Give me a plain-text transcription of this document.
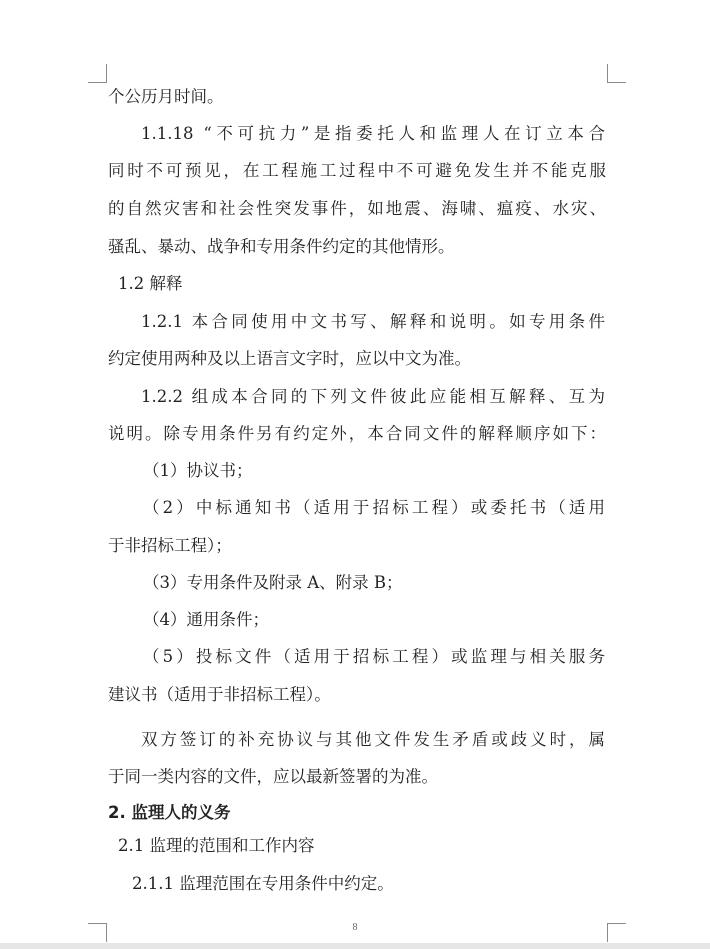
个公历月时间。
1.1.18 “不可抗力”是指委托人和监理人在订立本合
同时不可预见，在工程施工过程中不可避免发生并不能克服
的自然灾害和社会性突发事件，如地震、海啸、瘟疫、水灾、
骚乱、暴动、战争和专用条件约定的其他情形。
1.2 解释
1.2.1 本合同使用中文书写、解释和说明。如专用条件
约定使用两种及以上语言文字时，应以中文为准。
1.2.2 组成本合同的下列文件彼此应能相互解释、互为
说明。除专用条件另有约定外，本合同文件的解释顺序如下：
（1）协议书；
（2）中标通知书（适用于招标工程）或委托书（适用
于非招标工程）；
（3）专用条件及附录 A、附录 B；
（4）通用条件；
（5）投标文件（适用于招标工程）或监理与相关服务
建议书（适用于非招标工程）。
双方签订的补充协议与其他文件发生矛盾或歧义时，属
于同一类内容的文件，应以最新签署的为准。
2. 监理人的义务
2.1 监理的范围和工作内容
2.1.1 监理范围在专用条件中约定。
8
